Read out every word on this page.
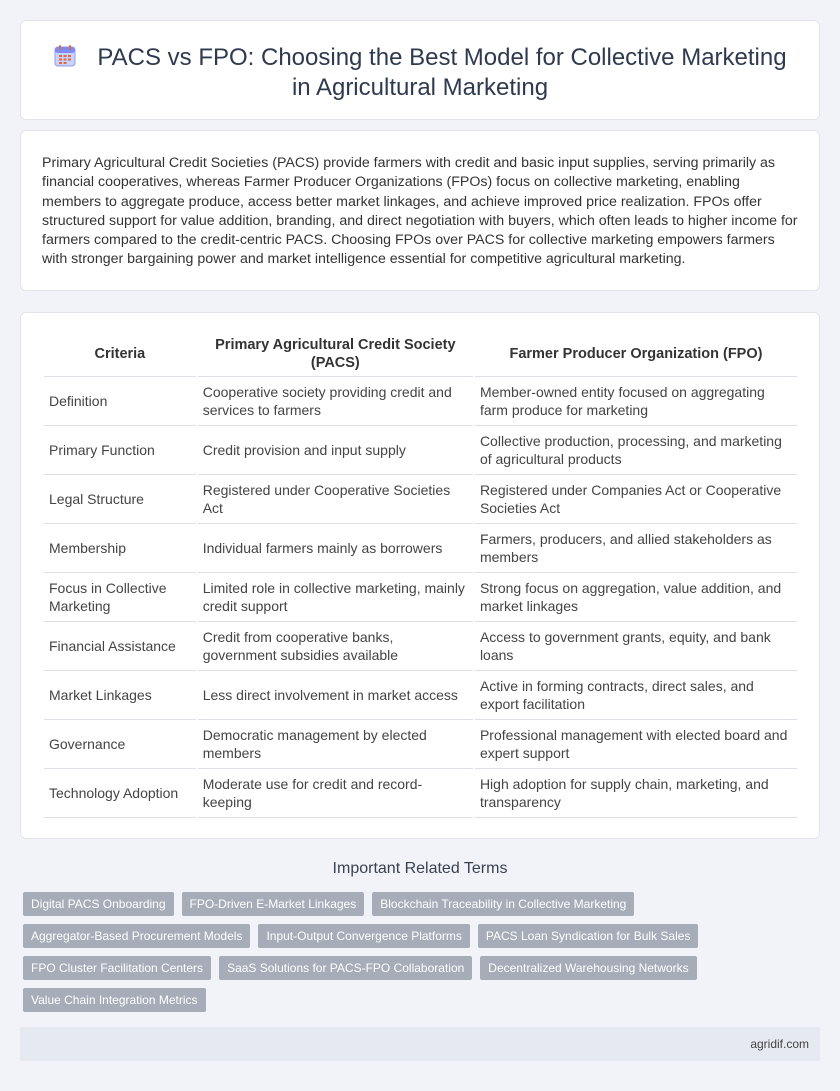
PACS vs FPO: Choosing the Best Model for Collective Marketing in Agricultural Marketing

Primary Agricultural Credit Societies (PACS) provide farmers with credit and basic input supplies, serving primarily as financial cooperatives, whereas Farmer Producer Organizations (FPOs) focus on collective marketing, enabling members to aggregate produce, access better market linkages, and achieve improved price realization. FPOs offer structured support for value addition, branding, and direct negotiation with buyers, which often leads to higher income for farmers compared to the credit-centric PACS. Choosing FPOs over PACS for collective marketing empowers farmers with stronger bargaining power and market intelligence essential for competitive agricultural marketing.

Criteria	Primary Agricultural Credit Society (PACS)	Farmer Producer Organization (FPO)
Definition	Cooperative society providing credit and services to farmers	Member-owned entity focused on aggregating farm produce for marketing
Primary Function	Credit provision and input supply	Collective production, processing, and marketing of agricultural products
Legal Structure	Registered under Cooperative Societies Act	Registered under Companies Act or Cooperative Societies Act
Membership	Individual farmers mainly as borrowers	Farmers, producers, and allied stakeholders as members
Focus in Collective Marketing	Limited role in collective marketing, mainly credit support	Strong focus on aggregation, value addition, and market linkages
Financial Assistance	Credit from cooperative banks, government subsidies available	Access to government grants, equity, and bank loans
Market Linkages	Less direct involvement in market access	Active in forming contracts, direct sales, and export facilitation
Governance	Democratic management by elected members	Professional management with elected board and expert support
Technology Adoption	Moderate use for credit and record-keeping	High adoption for supply chain, marketing, and transparency
Important Related Terms
Digital PACS Onboarding	FPO-Driven E-Market Linkages	Blockchain Traceability in Collective Marketing
Aggregator-Based Procurement Models	Input-Output Convergence Platforms	PACS Loan Syndication for Bulk Sales
FPO Cluster Facilitation Centers	SaaS Solutions for PACS-FPO Collaboration	Decentralized Warehousing Networks
Value Chain Integration Metrics
agridif.com
